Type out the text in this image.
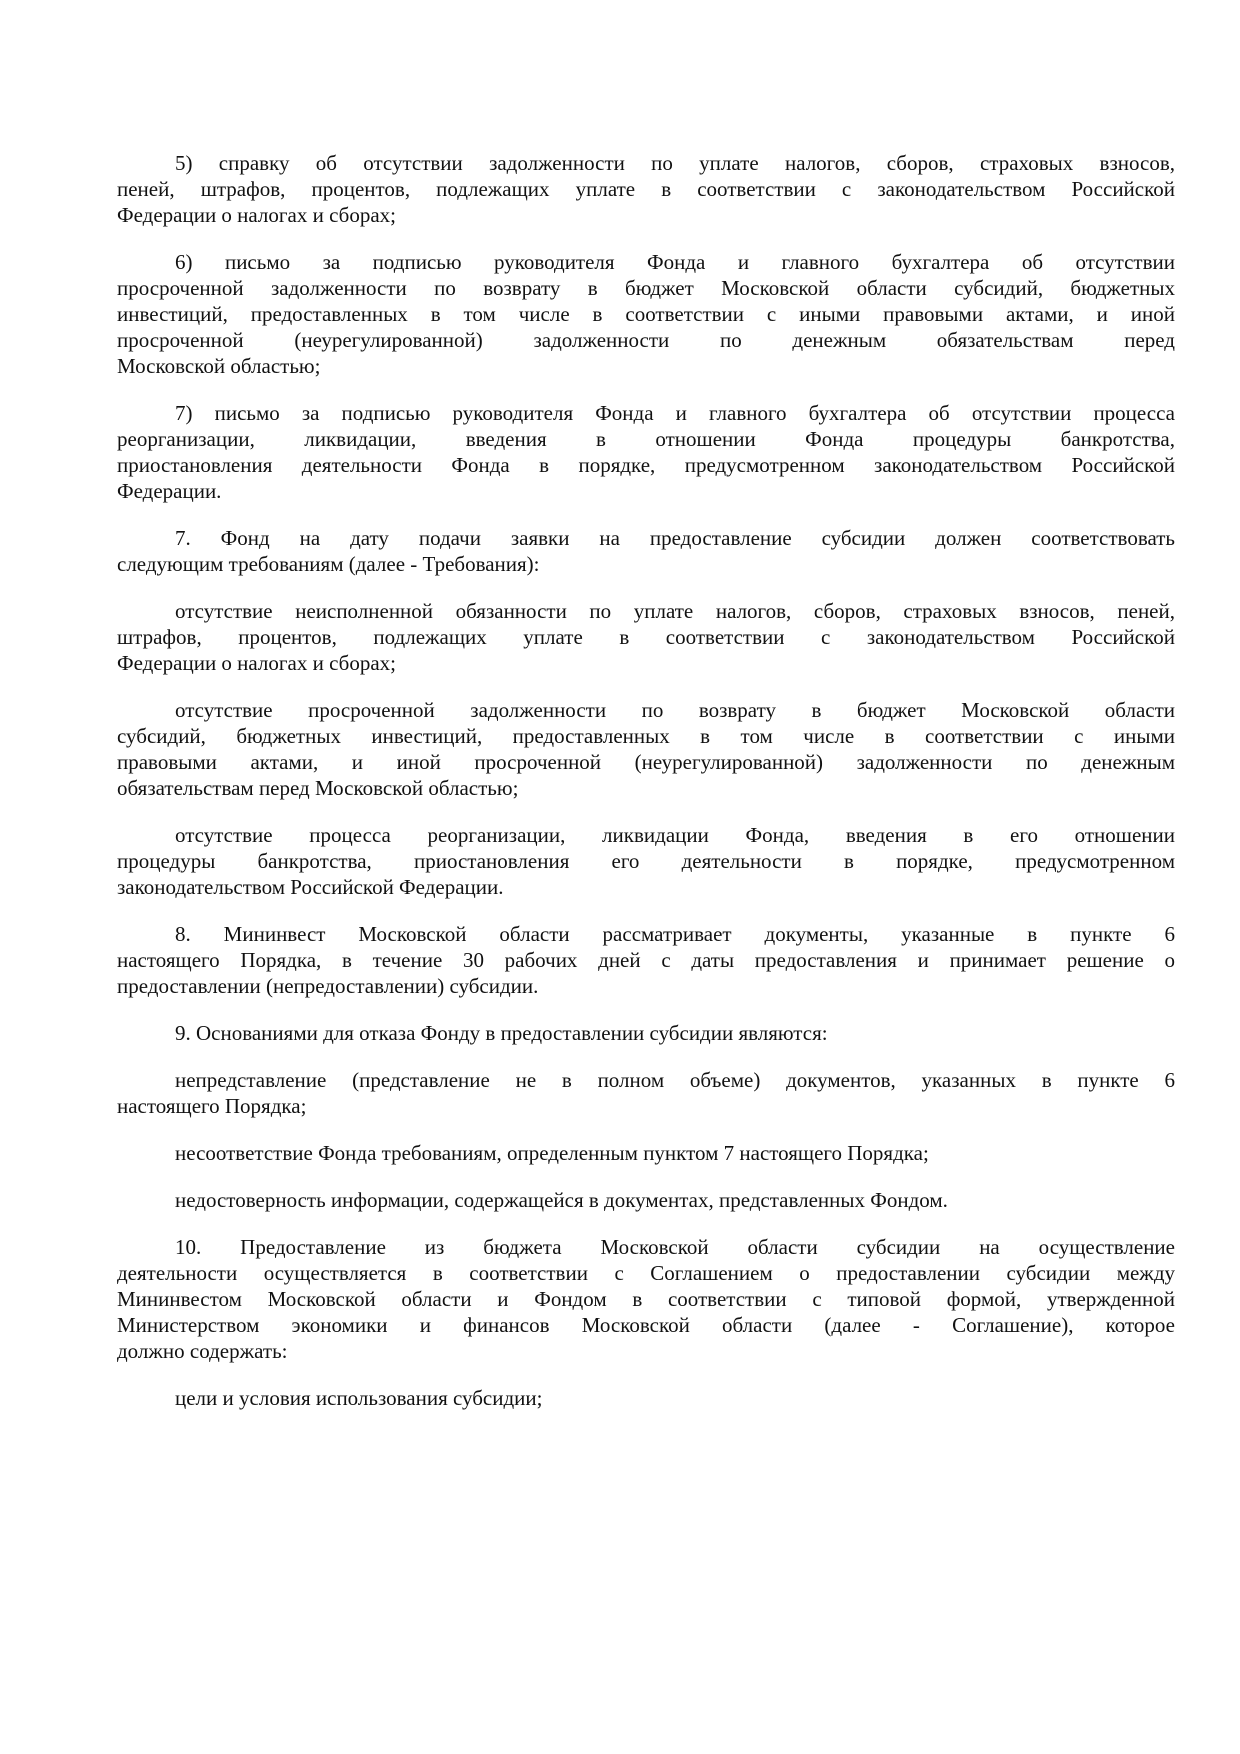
5) справку об отсутствии задолженности по уплате налогов, сборов, страховых взносов,
пеней, штрафов, процентов, подлежащих уплате в соответствии с законодательством Российской
Федерации о налогах и сборах;
6) письмо за подписью руководителя Фонда и главного бухгалтера об отсутствии
просроченной задолженности по возврату в бюджет Московской области субсидий, бюджетных
инвестиций, предоставленных в том числе в соответствии с иными правовыми актами, и иной
просроченной (неурегулированной) задолженности по денежным обязательствам перед
Московской областью;
7) письмо за подписью руководителя Фонда и главного бухгалтера об отсутствии процесса
реорганизации, ликвидации, введения в отношении Фонда процедуры банкротства,
приостановления деятельности Фонда в порядке, предусмотренном законодательством Российской
Федерации.
7. Фонд на дату подачи заявки на предоставление субсидии должен соответствовать
следующим требованиям (далее - Требования):
отсутствие неисполненной обязанности по уплате налогов, сборов, страховых взносов, пеней,
штрафов, процентов, подлежащих уплате в соответствии с законодательством Российской
Федерации о налогах и сборах;
отсутствие просроченной задолженности по возврату в бюджет Московской области
субсидий, бюджетных инвестиций, предоставленных в том числе в соответствии с иными
правовыми актами, и иной просроченной (неурегулированной) задолженности по денежным
обязательствам перед Московской областью;
отсутствие процесса реорганизации, ликвидации Фонда, введения в его отношении
процедуры банкротства, приостановления его деятельности в порядке, предусмотренном
законодательством Российской Федерации.
8. Мининвест Московской области рассматривает документы, указанные в пункте 6
настоящего Порядка, в течение 30 рабочих дней с даты предоставления и принимает решение о
предоставлении (непредоставлении) субсидии.
9. Основаниями для отказа Фонду в предоставлении субсидии являются:
непредставление (представление не в полном объеме) документов, указанных в пункте 6
настоящего Порядка;
несоответствие Фонда требованиям, определенным пунктом 7 настоящего Порядка;
недостоверность информации, содержащейся в документах, представленных Фондом.
10. Предоставление из бюджета Московской области субсидии на осуществление
деятельности осуществляется в соответствии с Соглашением о предоставлении субсидии между
Мининвестом Московской области и Фондом в соответствии с типовой формой, утвержденной
Министерством экономики и финансов Московской области (далее - Соглашение), которое
должно содержать:
цели и условия использования субсидии;
